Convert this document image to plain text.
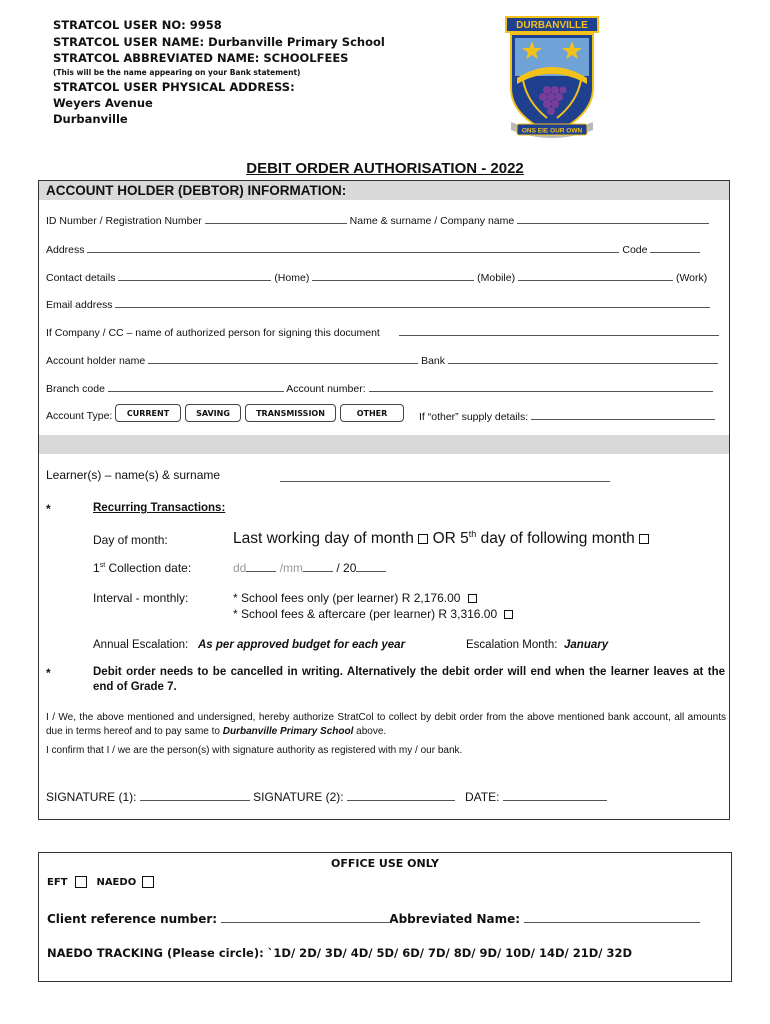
STRATCOL USER NO: 9958
STRATCOL USER NAME: Durbanville Primary School
STRATCOL ABBREVIATED NAME: SCHOOLFEES
(This will be the name appearing on your Bank statement)
STRATCOL USER PHYSICAL ADDRESS:
Weyers Avenue
Durbanville
DURBANVILLE
ONS EIE OUR OWN
DEBIT ORDER AUTHORISATION - 2022
ACCOUNT HOLDER (DEBTOR) INFORMATION:
ID Number / Registration Number	Name & surname / Company name
Address	Code
Contact details	(Home)	(Mobile)	(Work)
Email address
If Company / CC – name of authorized person for signing this document
Account holder name	Bank
Branch code	Account number:
Account Type:	CURRENT	SAVING	TRANSMISSION	OTHER	If “other” supply details:
Learner(s) – name(s) & surname
*	Recurring Transactions:
Day of month:	Last working day of month OR 5th day of following month
1st Collection date:	dd	/mm	/ 20
Interval - monthly:	* School fees only (per learner) R 2,176.00
* School fees & aftercare (per learner) R 3,316.00
Annual Escalation: As per approved budget for each year	Escalation Month: January
*	Debit order needs to be cancelled in writing. Alternatively the debit order will end when the learner leaves at the end of Grade 7.
I / We, the above mentioned and undersigned, hereby authorize StratCol to collect by debit order from the above mentioned bank account, all amounts due in terms hereof and to pay same to Durbanville Primary School above.
I confirm that I / we are the person(s) with signature authority as registered with my / our bank.
SIGNATURE (1):	SIGNATURE (2):	DATE:
OFFICE USE ONLY
EFT	NAEDO
Client reference number:	Abbreviated Name:
NAEDO TRACKING (Please circle): `1D/ 2D/ 3D/ 4D/ 5D/ 6D/ 7D/ 8D/ 9D/ 10D/ 14D/ 21D/ 32D
